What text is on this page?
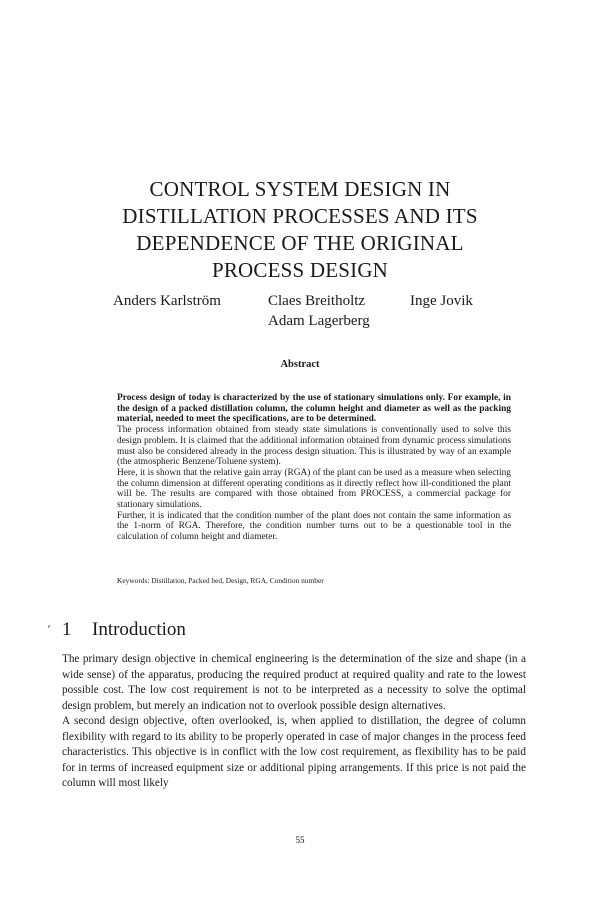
CONTROL SYSTEM DESIGN IN
DISTILLATION PROCESSES AND ITS
DEPENDENCE OF THE ORIGINAL
PROCESS DESIGN
Anders Karlström	Claes Breitholtz	Inge Jovik
Adam Lagerberg
Abstract

Process design of today is characterized by the use of stationary simulations only. For example, in the design of a packed distillation column, the column height and diameter as well as the packing material, needed to meet the specifications, are to be determined.

The process information obtained from steady state simulations is conventionally used to solve this design problem. It is claimed that the additional information obtained from dynamic process simulations must also be considered already in the process design situation. This is illustrated by way of an example (the atmospheric Benzene/Toluene system).

Here, it is shown that the relative gain array (RGA) of the plant can be used as a measure when selecting the column dimension at different operating conditions as it directly reflect how ill-conditioned the plant will be. The results are compared with those obtained from PROCESS, a commercial package for stationary simulations.

Further, it is indicated that the condition number of the plant does not contain the same information as the 1-norm of RGA. Therefore, the condition number turns out to be a questionable tool in the calculation of column height and diameter.

Keywords: Distillation, Packed bed, Design, RGA, Condition number
’ 1 Introduction

The primary design objective in chemical engineering is the determination of the size and shape (in a wide sense) of the apparatus, producing the required product at required quality and rate to the lowest possible cost. The low cost requirement is not to be interpreted as a necessity to solve the optimal design problem, but merely an indication not to overlook possible design alternatives.

A second design objective, often overlooked, is, when applied to distillation, the degree of column flexibility with regard to its ability to be properly operated in case of major changes in the process feed characteristics. This objective is in conflict with the low cost requirement, as flexibility has to be paid for in terms of increased equipment size or additional piping arrangements. If this price is not paid the column will most likely

55
